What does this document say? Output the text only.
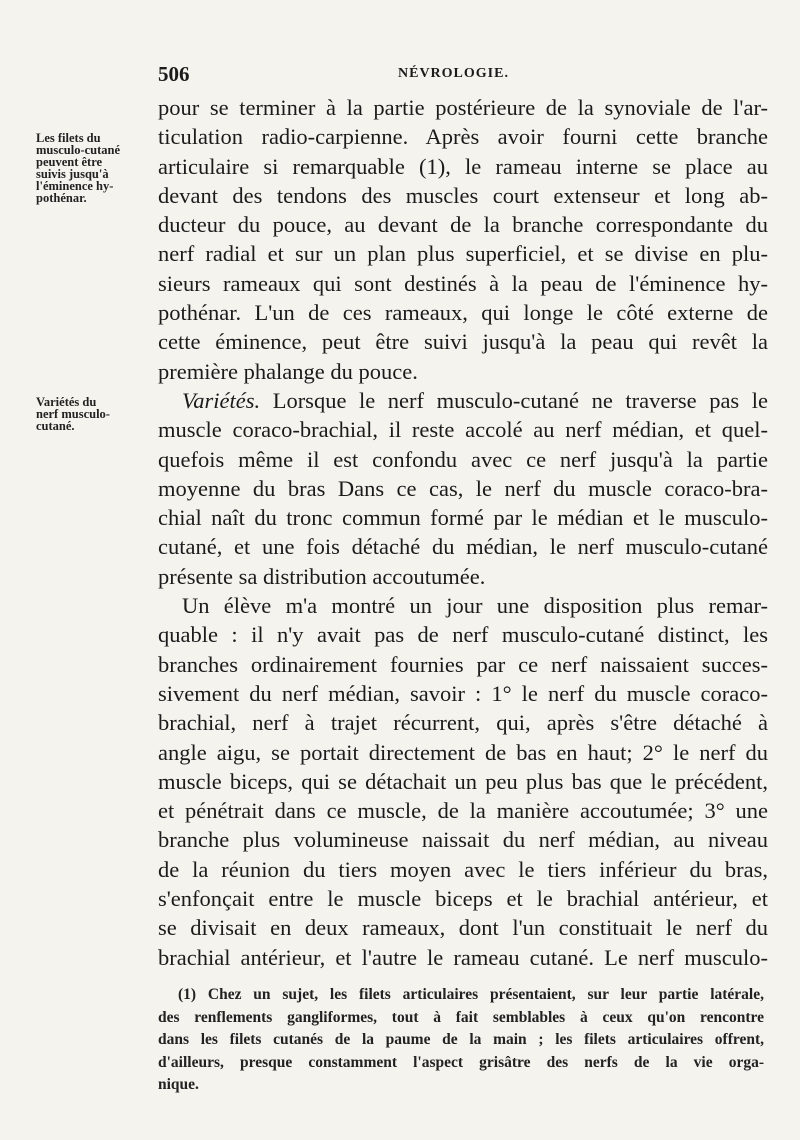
506	NÉVROLOGIE.
Les filets du
musculo-cutané
peuvent être
suivis jusqu'à
l'éminence hy-
pothénar.
Variétés du
nerf musculo-
cutané.
pour se terminer à la partie postérieure de la synoviale de l'ar-
ticulation radio-carpienne. Après avoir fourni cette branche
articulaire si remarquable (1), le rameau interne se place au
devant des tendons des muscles court extenseur et long ab-
ducteur du pouce, au devant de la branche correspondante du
nerf radial et sur un plan plus superficiel, et se divise en plu-
sieurs rameaux qui sont destinés à la peau de l'éminence hy-
pothénar. L'un de ces rameaux, qui longe le côté externe de
cette éminence, peut être suivi jusqu'à la peau qui revêt la
première phalange du pouce.
Variétés. Lorsque le nerf musculo-cutané ne traverse pas le
muscle coraco-brachial, il reste accolé au nerf médian, et quel-
quefois même il est confondu avec ce nerf jusqu'à la partie
moyenne du bras Dans ce cas, le nerf du muscle coraco-bra-
chial naît du tronc commun formé par le médian et le musculo-
cutané, et une fois détaché du médian, le nerf musculo-cutané
présente sa distribution accoutumée.
Un élève m'a montré un jour une disposition plus remar-
quable : il n'y avait pas de nerf musculo-cutané distinct, les
branches ordinairement fournies par ce nerf naissaient succes-
sivement du nerf médian, savoir : 1° le nerf du muscle coraco-
brachial, nerf à trajet récurrent, qui, après s'être détaché à
angle aigu, se portait directement de bas en haut; 2° le nerf du
muscle biceps, qui se détachait un peu plus bas que le précédent,
et pénétrait dans ce muscle, de la manière accoutumée; 3° une
branche plus volumineuse naissait du nerf médian, au niveau
de la réunion du tiers moyen avec le tiers inférieur du bras,
s'enfonçait entre le muscle biceps et le brachial antérieur, et
se divisait en deux rameaux, dont l'un constituait le nerf du
brachial antérieur, et l'autre le rameau cutané. Le nerf musculo-
(1) Chez un sujet, les filets articulaires présentaient, sur leur partie latérale,
des renflements gangliformes, tout à fait semblables à ceux qu'on rencontre
dans les filets cutanés de la paume de la main ; les filets articulaires offrent,
d'ailleurs, presque constamment l'aspect grisâtre des nerfs de la vie orga-
nique.
